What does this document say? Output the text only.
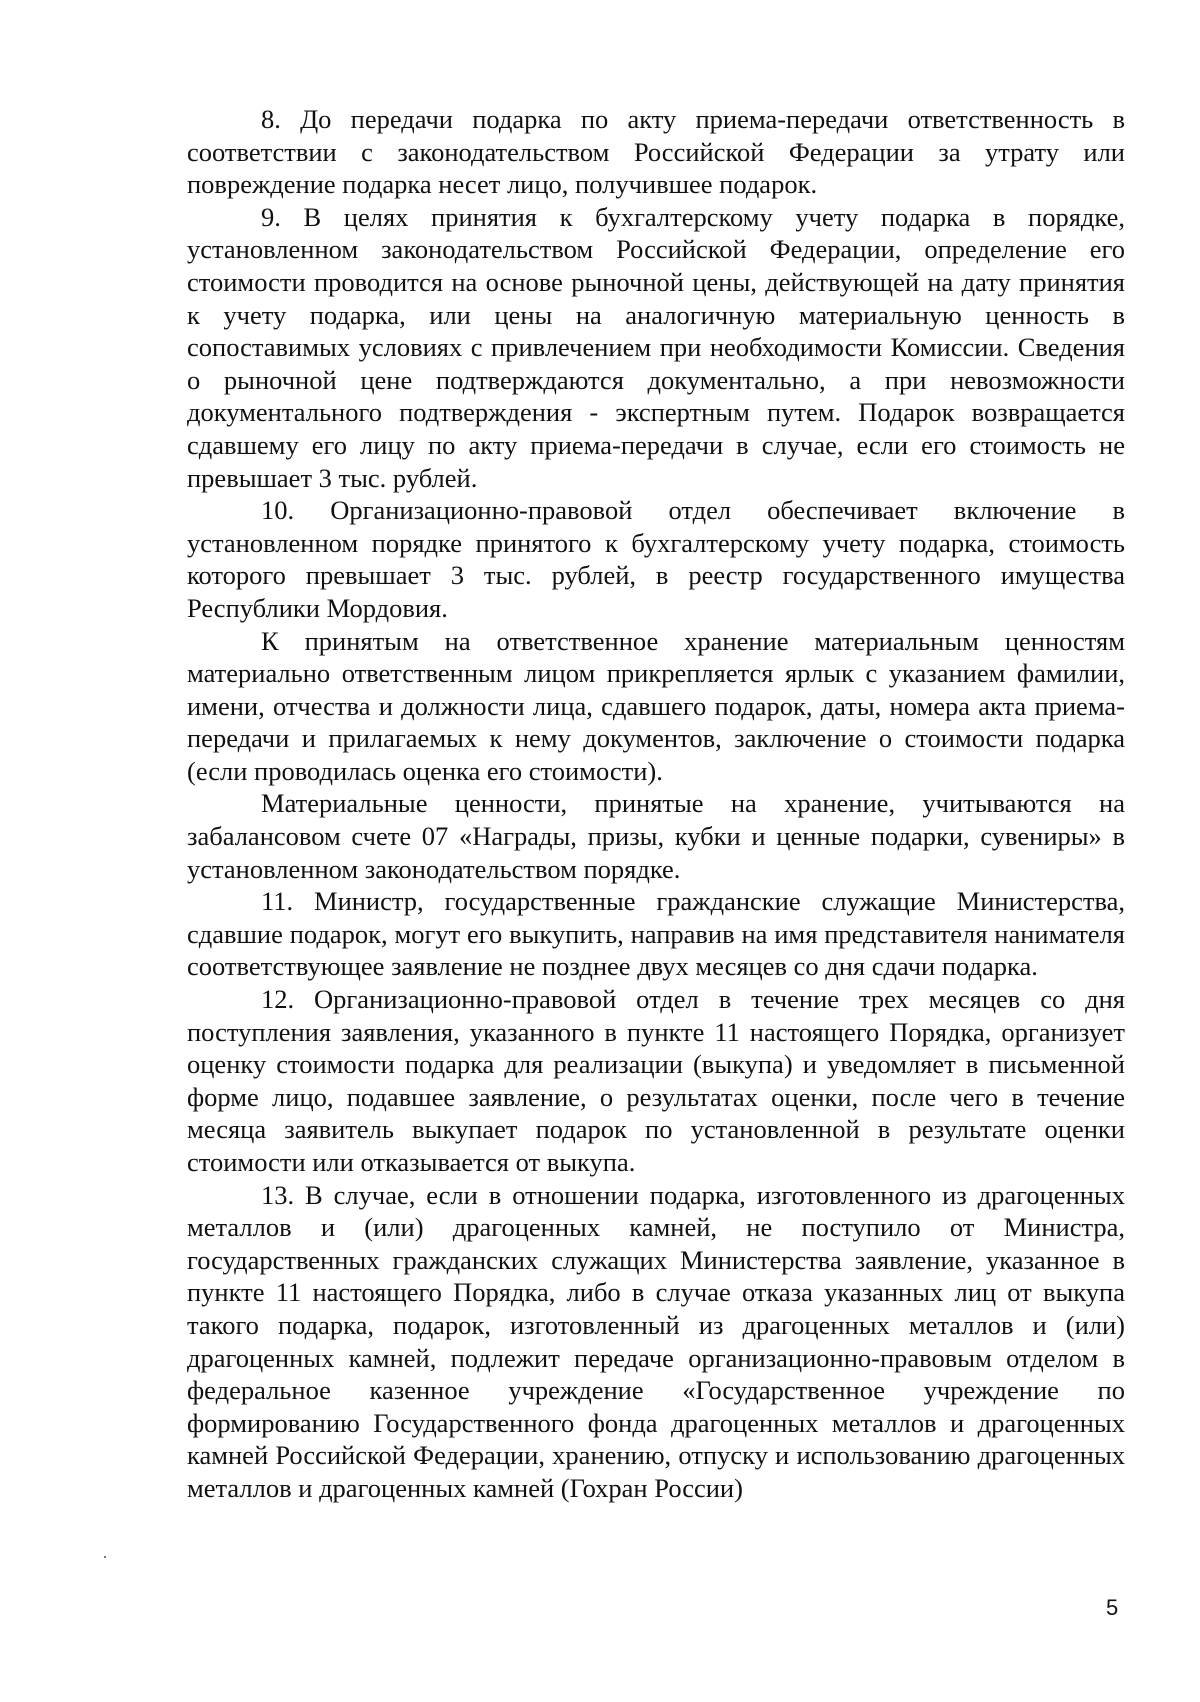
8. До передачи подарка по акту приема-передачи ответственность в соответствии с законодательством Российской Федерации за утрату или повреждение подарка несет лицо, получившее подарок.

9. В целях принятия к бухгалтерскому учету подарка в порядке, установленном законодательством Российской Федерации, определение его стоимости проводится на основе рыночной цены, действующей на дату принятия к учету подарка, или цены на аналогичную материальную ценность в сопоставимых условиях с привлечением при необходимости Комиссии. Сведения о рыночной цене подтверждаются документально, а при невозможности документального подтверждения - экспертным путем. Подарок возвращается сдавшему его лицу по акту приема-передачи в случае, если его стоимость не превышает 3 тыс. рублей.

10. Организационно-правовой отдел обеспечивает включение в установленном порядке принятого к бухгалтерскому учету подарка, стоимость которого превышает 3 тыс. рублей, в реестр государственного имущества Республики Мордовия.

К принятым на ответственное хранение материальным ценностям материально ответственным лицом прикрепляется ярлык с указанием фамилии, имени, отчества и должности лица, сдавшего подарок, даты, номера акта приема-передачи и прилагаемых к нему документов, заключение о стоимости подарка (если проводилась оценка его стоимости).

Материальные ценности, принятые на хранение, учитываются на забалансовом счете 07 «Награды, призы, кубки и ценные подарки, сувениры» в установленном законодательством порядке.

11. Министр, государственные гражданские служащие Министерства, сдавшие подарок, могут его выкупить, направив на имя представителя нанимателя соответствующее заявление не позднее двух месяцев со дня сдачи подарка.

12. Организационно-правовой отдел в течение трех месяцев со дня поступления заявления, указанного в пункте 11 настоящего Порядка, организует оценку стоимости подарка для реализации (выкупа) и уведомляет в письменной форме лицо, подавшее заявление, о результатах оценки, после чего в течение месяца заявитель выкупает подарок по установленной в результате оценки стоимости или отказывается от выкупа.

13. В случае, если в отношении подарка, изготовленного из драгоценных металлов и (или) драгоценных камней, не поступило от Министра, государственных гражданских служащих Министерства заявление, указанное в пункте 11 настоящего Порядка, либо в случае отказа указанных лиц от выкупа такого подарка, подарок, изготовленный из драгоценных металлов и (или) драгоценных камней, подлежит передаче организационно-правовым отделом в федеральное казенное учреждение «Государственное учреждение по формированию Государственного фонда драгоценных металлов и драгоценных камней Российской Федерации, хранению, отпуску и использованию драгоценных металлов и драгоценных камней (Гохран России)

5
